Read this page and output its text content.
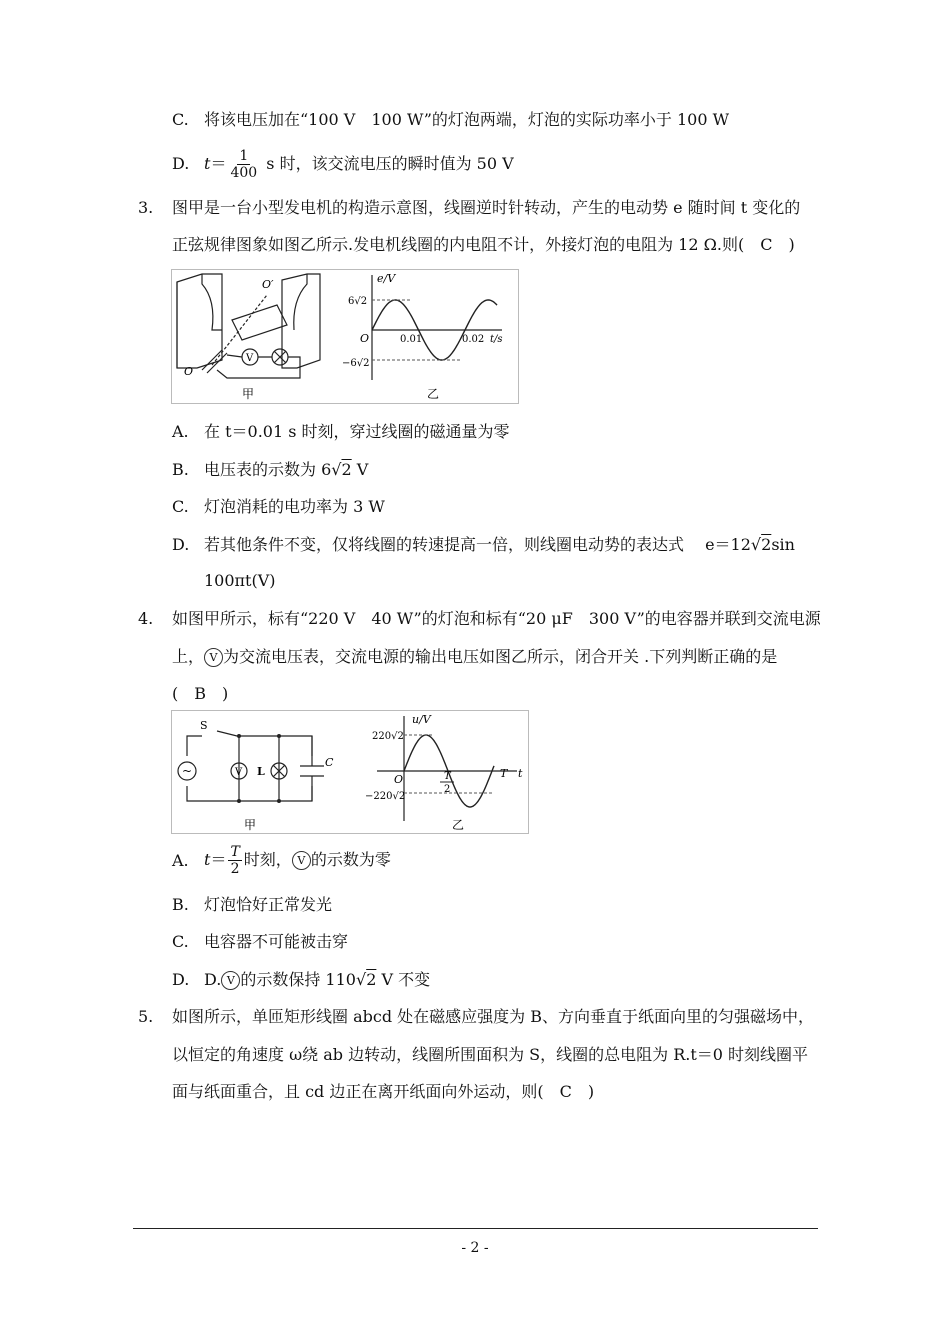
C. 将该电压加在“100 V　100 W”的灯泡两端，灯泡的实际功率小于 100 W
D. $t= \frac{1}{400}$ s 时，该交流电压的瞬时值为 50 V
3. 图甲是一台小型发电机的构造示意图，线圈逆时针转动，产生的电动势 e 随时间 t 变化的
正弦规律图象如图乙所示.发电机线圈的内电阻不计，外接灯泡的电阻为 12 Ω.则(　C　)
V
O′
O
甲
e/V
6√2
−6√2
O	0.01	0.02 t/s
乙
A. 在 t＝0.01 s 时刻，穿过线圈的磁通量为零
B. 电压表的示数为 6√2 V
C. 灯泡消耗的电功率为 3 W
D. 若其他条件不变，仅将线圈的转速提高一倍，则线圈电动势的表达式　 e＝12√2sin
100πt(V)
4. 如图甲所示，标有“220 V　40 W”的灯泡和标有“20 μF　300 V”的电容器并联到交流电源
上， V 为交流电压表，交流电源的输出电压如图乙所示，闭合开关 .下列判断正确的是
(　B　)
~
S
V L
C
甲
u/V
220√2
−220√2
O	T
2
T t
乙
A. $t= \frac{T}{2}$ 时刻， V 的示数为零
B. 灯泡恰好正常发光
C. 电容器不可能被击穿
D. D. V 的示数保持 110√2 V 不变
5. 如图所示，单匝矩形线圈 abcd 处在磁感应强度为 B、方向垂直于纸面向里的匀强磁场中，
以恒定的角速度 ω绕 ab 边转动，线圈所围面积为 S，线圈的总电阻为 R.t＝0 时刻线圈平
面与纸面重合，且 cd 边正在离开纸面向外运动，则(　C　)
- 2 -
